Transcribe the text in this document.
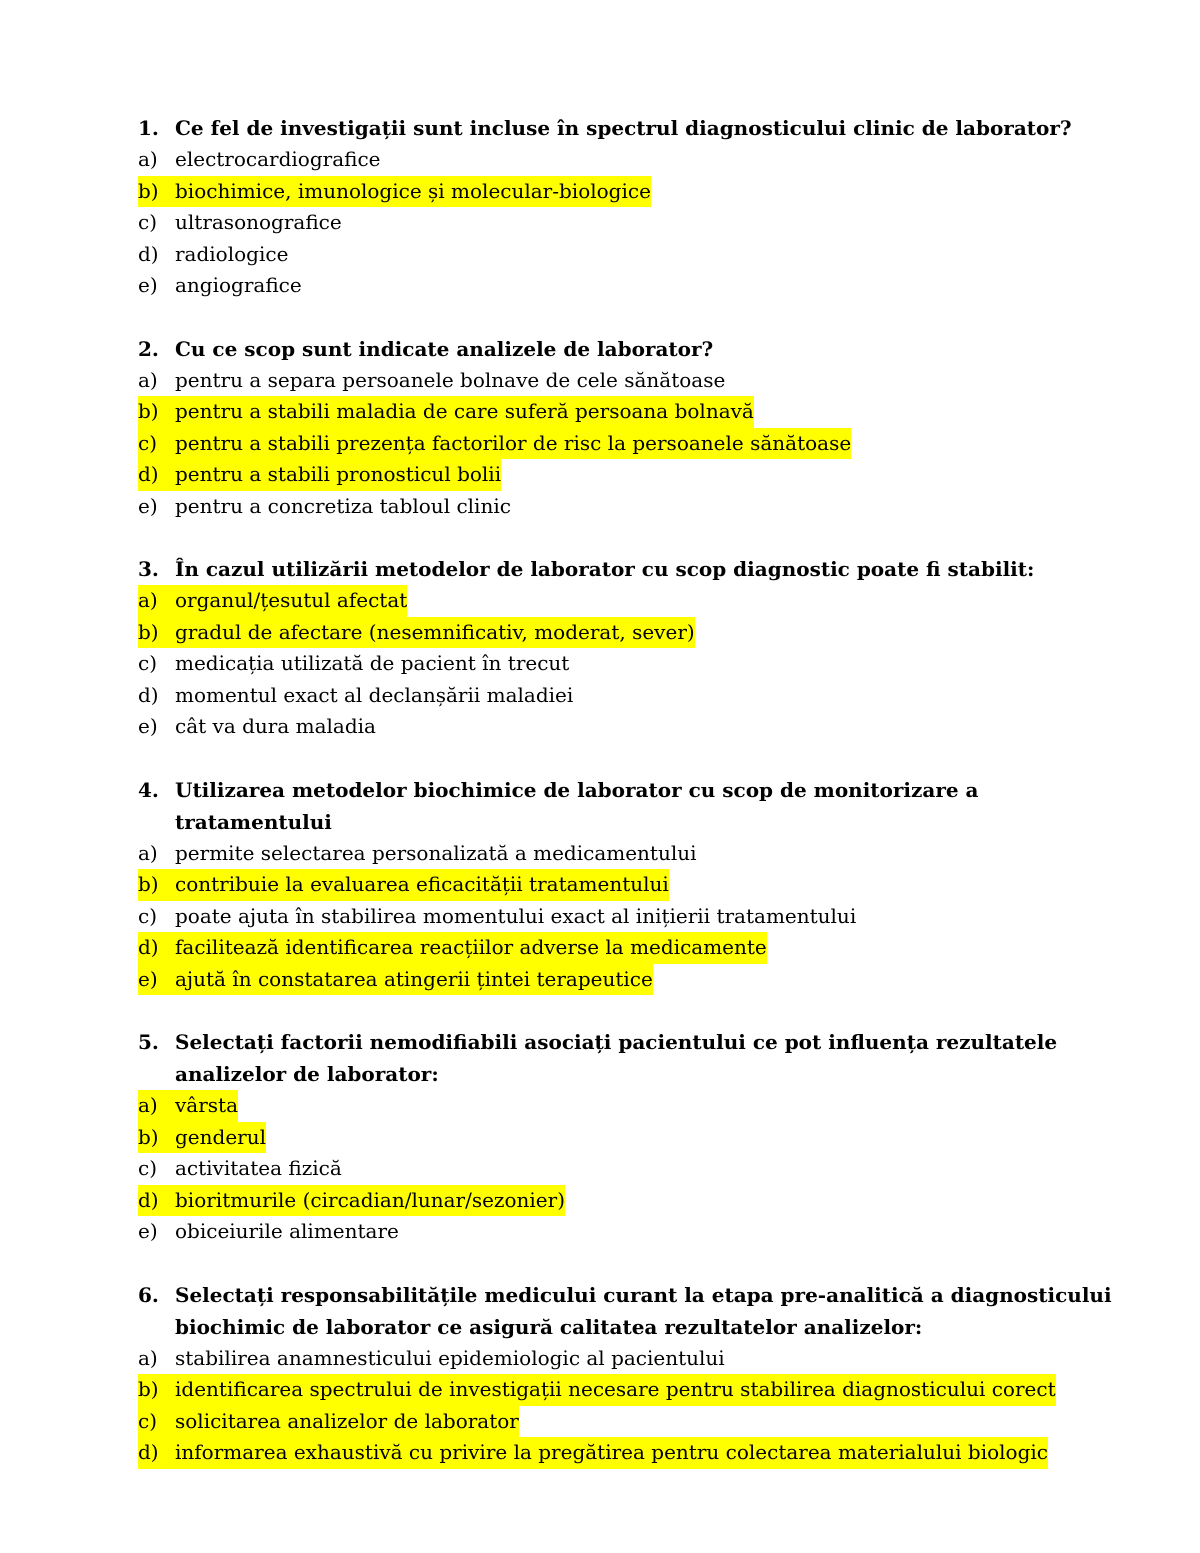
1. Ce fel de investigații sunt incluse în spectrul diagnosticului clinic de laborator?
a) electrocardiografice
b) biochimice, imunologice și molecular-biologice
c) ultrasonografice
d) radiologice
e) angiografice
2. Cu ce scop sunt indicate analizele de laborator?
a) pentru a separa persoanele bolnave de cele sănătoase
b) pentru a stabili maladia de care suferă persoana bolnavă
c) pentru a stabili prezența factorilor de risc la persoanele sănătoase
d) pentru a stabili pronosticul bolii
e) pentru a concretiza tabloul clinic
3. În cazul utilizării metodelor de laborator cu scop diagnostic poate fi stabilit:
a) organul/țesutul afectat
b) gradul de afectare (nesemnificativ, moderat, sever)
c) medicația utilizată de pacient în trecut
d) momentul exact al declanșării maladiei
e) cât va dura maladia
4. Utilizarea metodelor biochimice de laborator cu scop de monitorizare a tratamentului
a) permite selectarea personalizată a medicamentului
b) contribuie la evaluarea eficacității tratamentului
c) poate ajuta în stabilirea momentului exact al inițierii tratamentului
d) facilitează identificarea reacțiilor adverse la medicamente
e) ajută în constatarea atingerii țintei terapeutice
5. Selectați factorii nemodifiabili asociați pacientului ce pot influența rezultatele analizelor de laborator:
a) vârsta
b) genderul
c) activitatea fizică
d) bioritmurile (circadian/lunar/sezonier)
e) obiceiurile alimentare
6. Selectați responsabilitățile medicului curant la etapa pre-analitică a diagnosticului biochimic de laborator ce asigură calitatea rezultatelor analizelor:
a) stabilirea anamnesticului epidemiologic al pacientului
b) identificarea spectrului de investigații necesare pentru stabilirea diagnosticului corect
c) solicitarea analizelor de laborator
d) informarea exhaustivă cu privire la pregătirea pentru colectarea materialului biologic
